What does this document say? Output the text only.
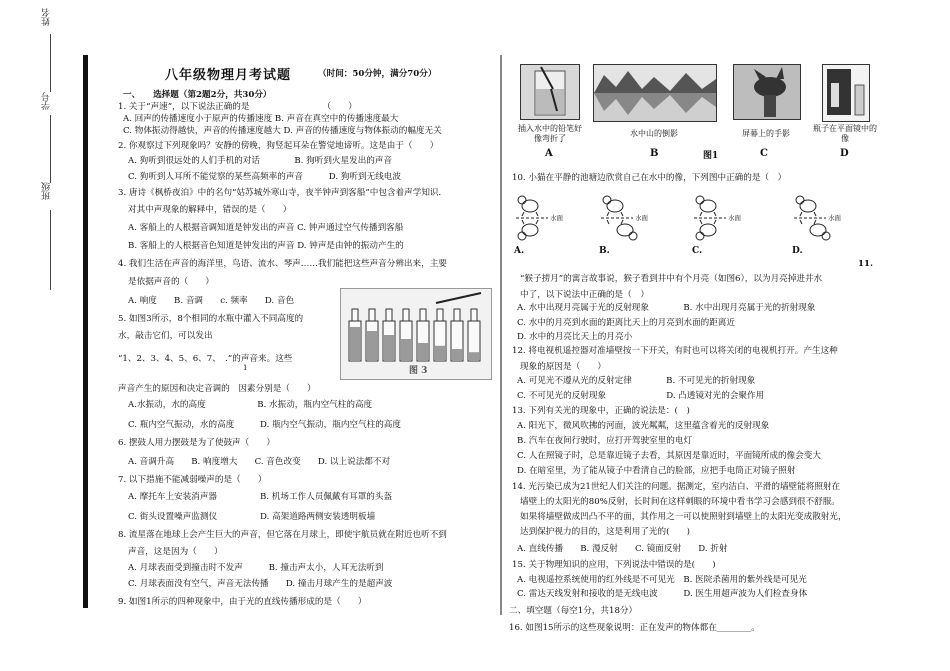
姓名
学号
班级
八年级物理月考试题	（时间：50分钟，满分70分）
一、　　选择题（第2题2分，共30分）
1. 关于“声速”，以下说法正确的是　　　　　　　　　（　　）
A. 回声的传播速度小于原声的传播速度 B. 声音在真空中的传播速度最大
C. 物体振动得越快，声音的传播速度越大 D. 声音的传播速度与物体振动的幅度无关
2. 你观察过下列现象吗？安静的傍晚，狗竖起耳朵在警觉地谛听。这是由于（　　）
A. 狗听到很远处的人们手机的对话　　　　B. 狗听到火星发出的声音
C. 狗听到人耳所不能觉察的某些高频率的声音　　　D. 狗听到无线电波
3. 唐诗《枫桥夜泊》中的名句“姑苏城外寒山寺，夜半钟声到客船”中包含着声学知识．
对其中声现象的解释中，错误的是（　　）
A. 客船上的人根据音调知道是钟发出的声音 C. 钟声通过空气传播到客船
B. 客船上的人根据音色知道是钟发出的声音 D. 钟声是由钟的振动产生的
4. 我们生活在声音的海洋里，鸟语、流水、琴声……我们能把这些声音分辨出来，主要
是依据声音的（　　）
A. 响度　　B. 音调　　c. 频率　　D. 音色
5. 如图3所示，8个相同的水瓶中灌入不同高度的
水，敲击它们，可以发出
“1、2、3、4、5、6、7、　.”的声音来。这些
声音产生的原因和决定音调的　因素分别是（　　）
A.水振动，水的高度　　　　　　B. 水振动，瓶内空气柱的高度
C. 瓶内空气振动，水的高度　　　D. 瓶内空气振动，瓶内空气柱的高度
6. 摆鼓人用力摆鼓是为了使鼓声（　　）
A. 音调升高　　B. 响度增大　　C. 音色改变　　D. 以上说法都不对
7. 以下措施不能减弱噪声的是（　　）
A. 摩托车上安装消声器　　　　　B. 机场工作人员佩戴有耳罩的头盔
C. 街头设置噪声监测仪　　　　　D. 高架道路两侧安装透明板墙
8. 流星落在地球上会产生巨大的声音，但它落在月球上，即使宇航员就在附近也听不到
声音，这是因为（　　）
A. 月球表面受到撞击时不发声　　　B. 撞击声太小，人耳无法听到
C. 月球表面没有空气，声音无法传播　　D. 撞击月球产生的是超声波
9. 如图1所示的四种现象中，由于光的直线传播形成的是（　　）
图 3
1
插入水中的铅笔好像弯折了
水中山的倒影	屏幕上的手影
瓶子在平面镜中的像
A	B	图1	C	D
10. 小猫在平静的池塘边欣赏自己在水中的像，下列图中正确的是（　）
“猴子捞月”的寓言故事说，猴子看到井中有个月亮（如图6），以为月亮掉进井水
中了，以下说法中正确的是（　）
A. 水中出现月亮属于光的反射现象　　　　B. 水中出现月亮属于光的折射现象
C. 水中的月亮到水面的距离比天上的月亮到水面的距离近
D. 水中的月亮比天上的月亮小
12. 将电视机遥控器对准墙壁按一下开关，有时也可以将关闭的电视机打开。产生这种
现象的原因是（　　）
A. 可见光不遵从光的反射定律　　　　B. 不可见光的折射现象
C. 不可见光的反射现象　　　　　　　D. 凸透镜对光的会聚作用
13. 下列有关光的现象中，正确的说法是：(　)
A. 阳光下，微风吹拂的河面，波光粼粼，这里蕴含着光的反射现象
B. 汽车在夜间行驶时，应打开驾驶室里的电灯
C. 人在照镜子时，总是靠近镜子去看，其原因是靠近时，平面镜所成的像会变大
D. 在暗室里，为了能从镜子中看清自己的脸部，应把手电筒正对镜子照射
14. 光污染已成为21世纪人们关注的问题。据测定，室内洁白、平滑的墙壁能将照射在
墙壁上的太阳光的80%反射，长时间在这样刺眼的环境中看书学习会感到很不舒服。
如果将墙壁做成凹凸不平的面，其作用之一可以使照射到墙壁上的太阳光变成散射光，
达到保护视力的目的，这是利用了光的(　　)
A. 直线传播　　B. 漫反射　　C. 镜面反射　　D. 折射
15. 关于物理知识的应用，下列说法中错误的是(　　)
A. 电视遥控系统使用的红外线是不可见光　B. 医院杀菌用的紫外线是可见光
C. 雷达天线发射和接收的是无线电波　　　D. 医生用超声波为人们检查身体
二、填空题（每空1分，共18分）
16. 如图15所示的这些现象说明：正在发声的物体都在________。
水面
A.
水面
B.
水面
C.
水面
D.
11.
